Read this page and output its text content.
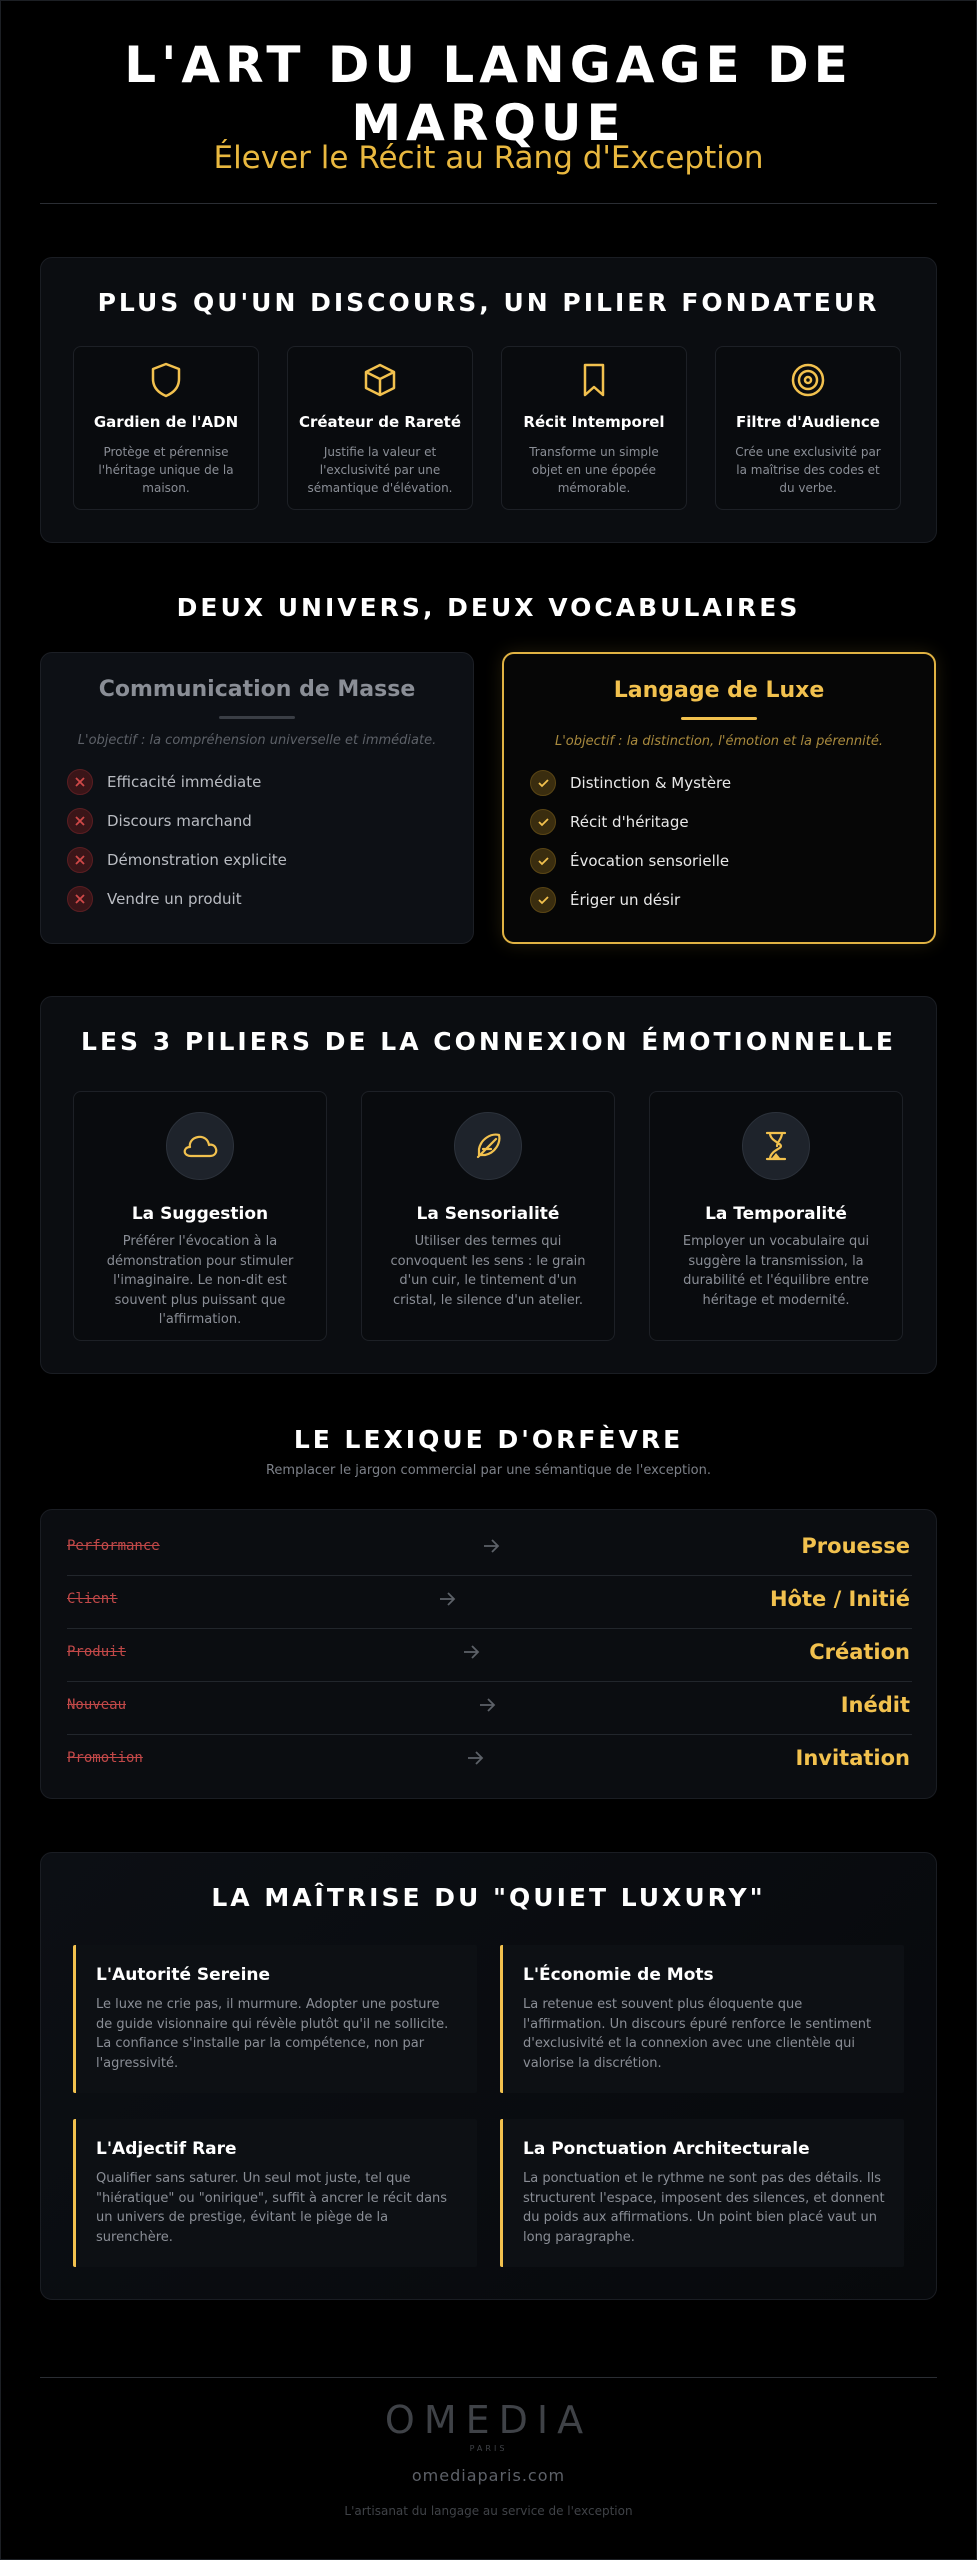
L'ART DU LANGAGE DE
MARQUE
Élever le Récit au Rang d'Exception
PLUS QU'UN DISCOURS, UN PILIER FONDATEUR
Gardien de l'ADN
Protège et pérennise l'héritage unique de la maison.
Créateur de Rareté
Justifie la valeur et l'exclusivité par une sémantique d'élévation.
Récit Intemporel
Transforme un simple objet en une épopée mémorable.
Filtre d'Audience
Crée une exclusivité par la maîtrise des codes et du verbe.
DEUX UNIVERS, DEUX VOCABULAIRES
Communication de Masse
L'objectif : la compréhension universelle et immédiate.
Efficacité immédiate
Discours marchand
Démonstration explicite
Vendre un produit
Langage de Luxe
L'objectif : la distinction, l'émotion et la pérennité.
Distinction & Mystère
Récit d'héritage
Évocation sensorielle
Ériger un désir
LES 3 PILIERS DE LA CONNEXION ÉMOTIONNELLE
La Suggestion
Préférer l'évocation à la démonstration pour stimuler l'imaginaire. Le non-dit est souvent plus puissant que l'affirmation.
La Sensorialité
Utiliser des termes qui convoquent les sens : le grain d'un cuir, le tintement d'un cristal, le silence d'un atelier.
La Temporalité
Employer un vocabulaire qui suggère la transmission, la durabilité et l'équilibre entre héritage et modernité.
LE LEXIQUE D'ORFÈVRE
Remplacer le jargon commercial par une sémantique de l'exception.
Performance	Prouesse
Client	Hôte / Initié
Produit	Création
Nouveau	Inédit
Promotion	Invitation
LA MAÎTRISE DU "QUIET LUXURY"
L'Autorité Sereine
Le luxe ne crie pas, il murmure. Adopter une posture de guide visionnaire qui révèle plutôt qu'il ne sollicite. La confiance s'installe par la compétence, non par l'agressivité.
L'Économie de Mots
La retenue est souvent plus éloquente que l'affirmation. Un discours épuré renforce le sentiment d'exclusivité et la connexion avec une clientèle qui valorise la discrétion.
L'Adjectif Rare
Qualifier sans saturer. Un seul mot juste, tel que "hiératique" ou "onirique", suffit à ancrer le récit dans un univers de prestige, évitant le piège de la surenchère.
La Ponctuation Architecturale
La ponctuation et le rythme ne sont pas des détails. Ils structurent l'espace, imposent des silences, et donnent du poids aux affirmations. Un point bien placé vaut un long paragraphe.
OMEDIA
PARIS
omediaparis.com
L'artisanat du langage au service de l'exception
